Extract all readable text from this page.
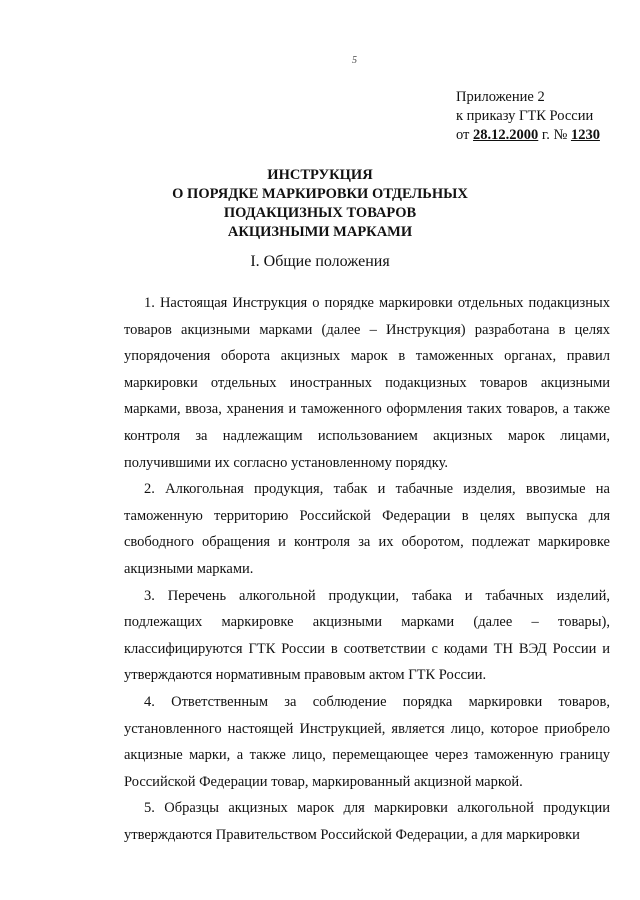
5
Приложение 2
к приказу ГТК России
от 28.12.2000 г. № 1230
ИНСТРУКЦИЯ
О ПОРЯДКЕ МАРКИРОВКИ ОТДЕЛЬНЫХ
ПОДАКЦИЗНЫХ ТОВАРОВ
АКЦИЗНЫМИ МАРКАМИ
I. Общие положения

1. Настоящая Инструкция о порядке маркировки отдельных подакцизных товаров акцизными марками (далее – Инструкция) разработана в целях упорядочения оборота акцизных марок в таможенных органах, правил маркировки отдельных иностранных подакцизных товаров акцизными марками, ввоза, хранения и таможенного оформления таких товаров, а также контроля за надлежащим использованием акцизных марок лицами, получившими их согласно установленному порядку.

2. Алкогольная продукция, табак и табачные изделия, ввозимые на таможенную территорию Российской Федерации в целях выпуска для свободного обращения и контроля за их оборотом, подлежат маркировке акцизными марками.

3. Перечень алкогольной продукции, табака и табачных изделий, подлежащих маркировке акцизными марками (далее – товары), классифицируются ГТК России в соответствии с кодами ТН ВЭД России и утверждаются нормативным правовым актом ГТК России.

4. Ответственным за соблюдение порядка маркировки товаров, установленного настоящей Инструкцией, является лицо, которое приобрело акцизные марки, а также лицо, перемещающее через таможенную границу Российской Федерации товар, маркированный акцизной маркой.

5. Образцы акцизных марок для маркировки алкогольной продукции утверждаются Правительством Российской Федерации, а для маркировки
